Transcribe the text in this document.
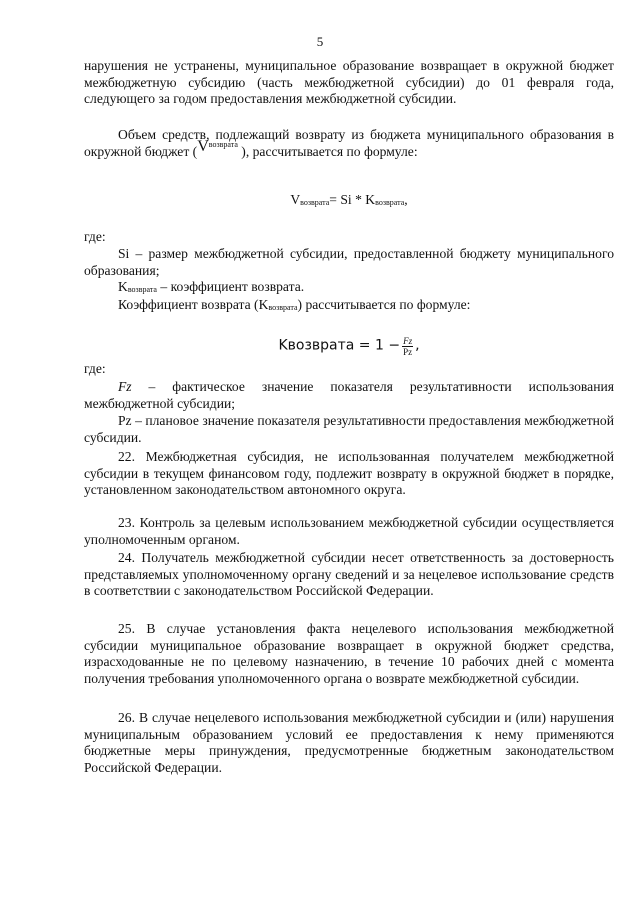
5

нарушения не устранены, муниципальное образование возвращает в окружной бюджет межбюджетную субсидию (часть межбюджетной субсидии) до 01 февраля года, следующего за годом предоставления межбюджетной субсидии.

Объем средств, подлежащий возврату из бюджета муниципального образования в окружной бюджет ($V^{возврата}$ ), рассчитывается по формуле:

Vвозврата= Si * Kвозврата,

где:

Si – размер межбюджетной субсидии, предоставленной бюджету муниципального образования;

Kвозврата – коэффициент возврата.

Коэффициент возврата (Kвозврата) рассчитывается по формуле:

Kвозврата = $1 - \frac{Fz}{Pz}$ ,

где:

Fz – фактическое значение показателя результативности использования межбюджетной субсидии;

Pz – плановое значение показателя результативности предоставления межбюджетной субсидии.

22. Межбюджетная субсидия, не использованная получателем межбюджетной субсидии в текущем финансовом году, подлежит возврату в окружной бюджет в порядке, установленном законодательством автономного округа.

23. Контроль за целевым использованием межбюджетной субсидии осуществляется уполномоченным органом.

24. Получатель межбюджетной субсидии несет ответственность за достоверность представляемых уполномоченному органу сведений и за нецелевое использование средств в соответствии с законодательством Российской Федерации.

25. В случае установления факта нецелевого использования межбюджетной субсидии муниципальное образование возвращает в окружной бюджет средства, израсходованные не по целевому назначению, в течение 10 рабочих дней с момента получения требования уполномоченного органа о возврате межбюджетной субсидии.

26. В случае нецелевого использования межбюджетной субсидии и (или) нарушения муниципальным образованием условий ее предоставления к нему применяются бюджетные меры принуждения, предусмотренные бюджетным законодательством Российской Федерации.
